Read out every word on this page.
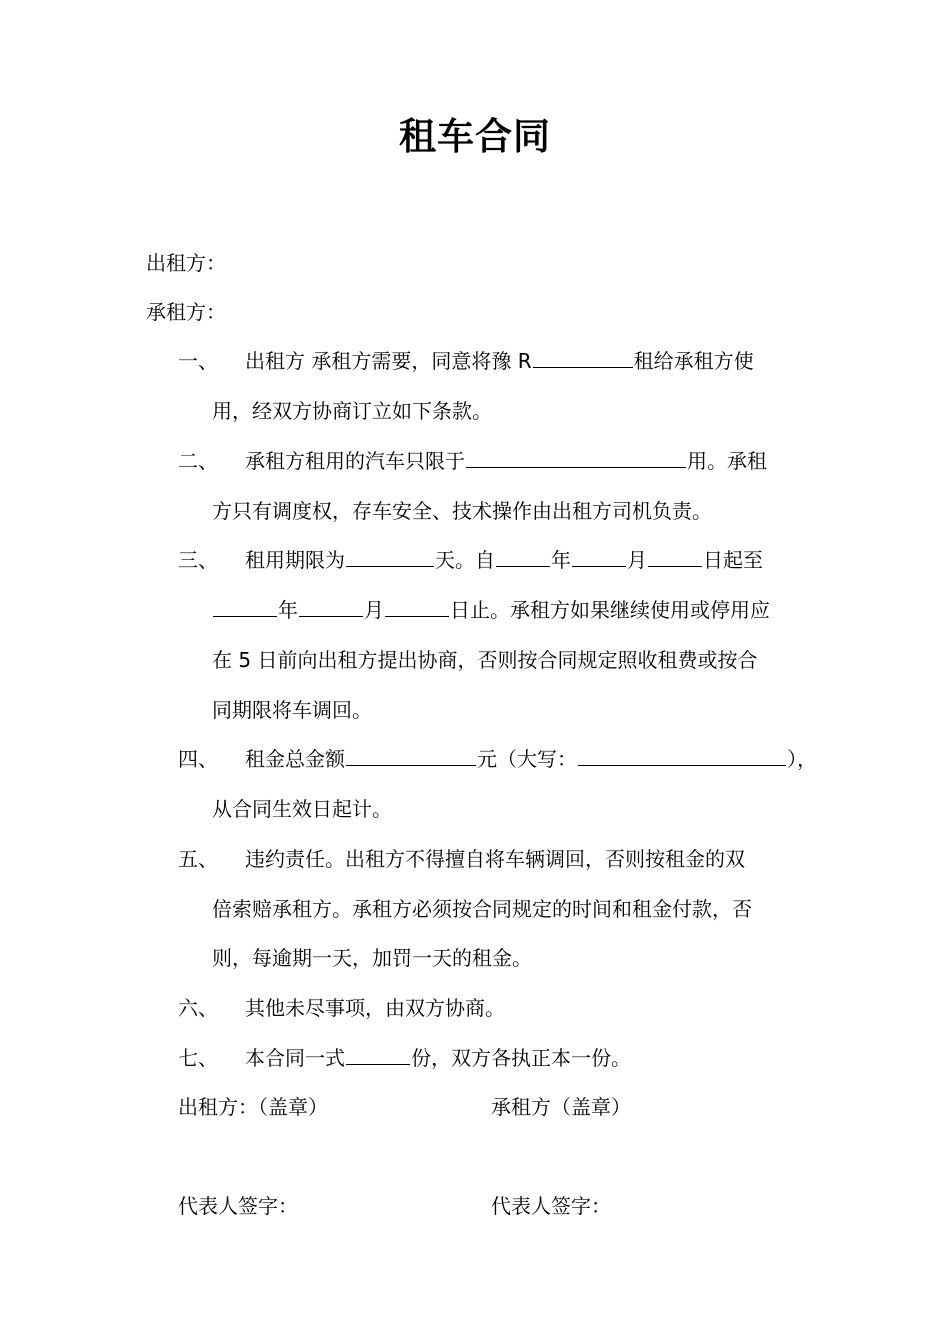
租车合同
出租方：
承租方：
一、 出租方 承租方需要，同意将豫 R	租给承租方使
用，经双方协商订立如下条款。
二、 承租方租用的汽车只限于	用。承租
方只有调度权，存车安全、技术操作由出租方司机负责。
三、 租用期限为	天。自	年	月	日起至
年	月	日止。承租方如果继续使用或停用应
在 5 日前向出租方提出协商，否则按合同规定照收租费或按合
同期限将车调回。
四、 租金总金额	元（大写：	），
从合同生效日起计。
五、 违约责任。出租方不得擅自将车辆调回，否则按租金的双
倍索赔承租方。承租方必须按合同规定的时间和租金付款，否
则，每逾期一天，加罚一天的租金。
六、 其他未尽事项，由双方协商。
七、 本合同一式	份，双方各执正本一份。
出租方：（盖章）	承租方（盖章）
代表人签字：	代表人签字：
